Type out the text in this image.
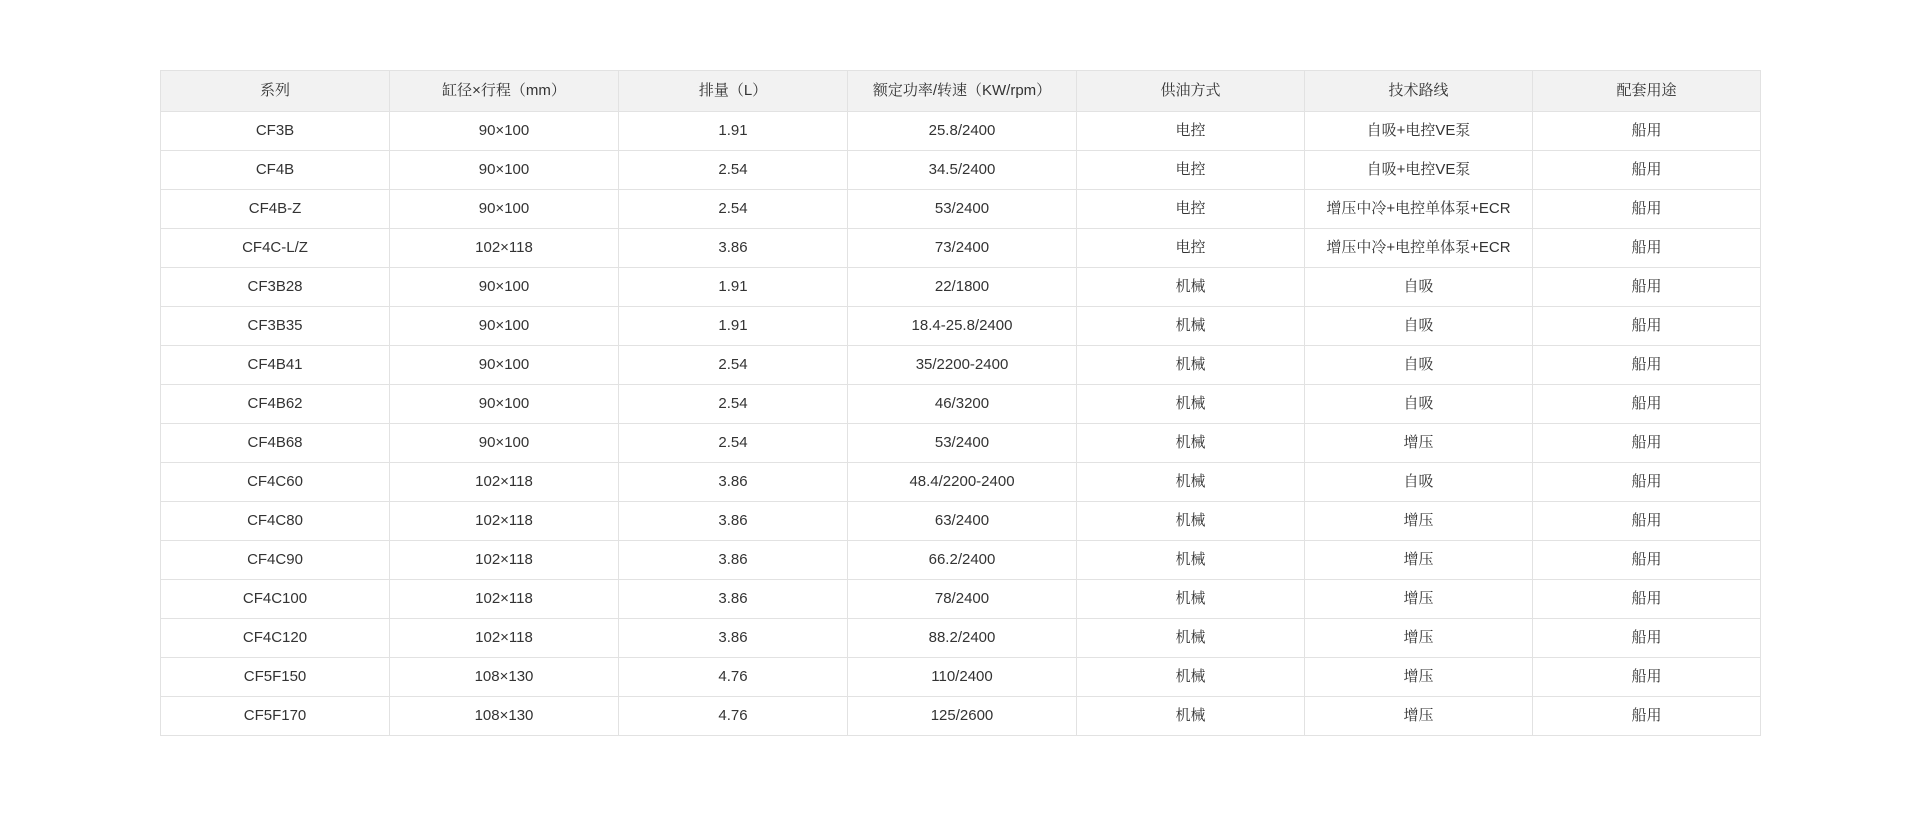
系列	缸径×行程（mm）	排量（L）	额定功率/转速（KW/rpm）	供油方式	技术路线	配套用途
CF3B	90×100	1.91	25.8/2400	电控	自吸+电控VE泵	船用
CF4B	90×100	2.54	34.5/2400	电控	自吸+电控VE泵	船用
CF4B-Z	90×100	2.54	53/2400	电控	增压中冷+电控单体泵+ECR	船用
CF4C-L/Z	102×118	3.86	73/2400	电控	增压中冷+电控单体泵+ECR	船用
CF3B28	90×100	1.91	22/1800	机械	自吸	船用
CF3B35	90×100	1.91	18.4-25.8/2400	机械	自吸	船用
CF4B41	90×100	2.54	35/2200-2400	机械	自吸	船用
CF4B62	90×100	2.54	46/3200	机械	自吸	船用
CF4B68	90×100	2.54	53/2400	机械	增压	船用
CF4C60	102×118	3.86	48.4/2200-2400	机械	自吸	船用
CF4C80	102×118	3.86	63/2400	机械	增压	船用
CF4C90	102×118	3.86	66.2/2400	机械	增压	船用
CF4C100	102×118	3.86	78/2400	机械	增压	船用
CF4C120	102×118	3.86	88.2/2400	机械	增压	船用
CF5F150	108×130	4.76	110/2400	机械	增压	船用
CF5F170	108×130	4.76	125/2600	机械	增压	船用
